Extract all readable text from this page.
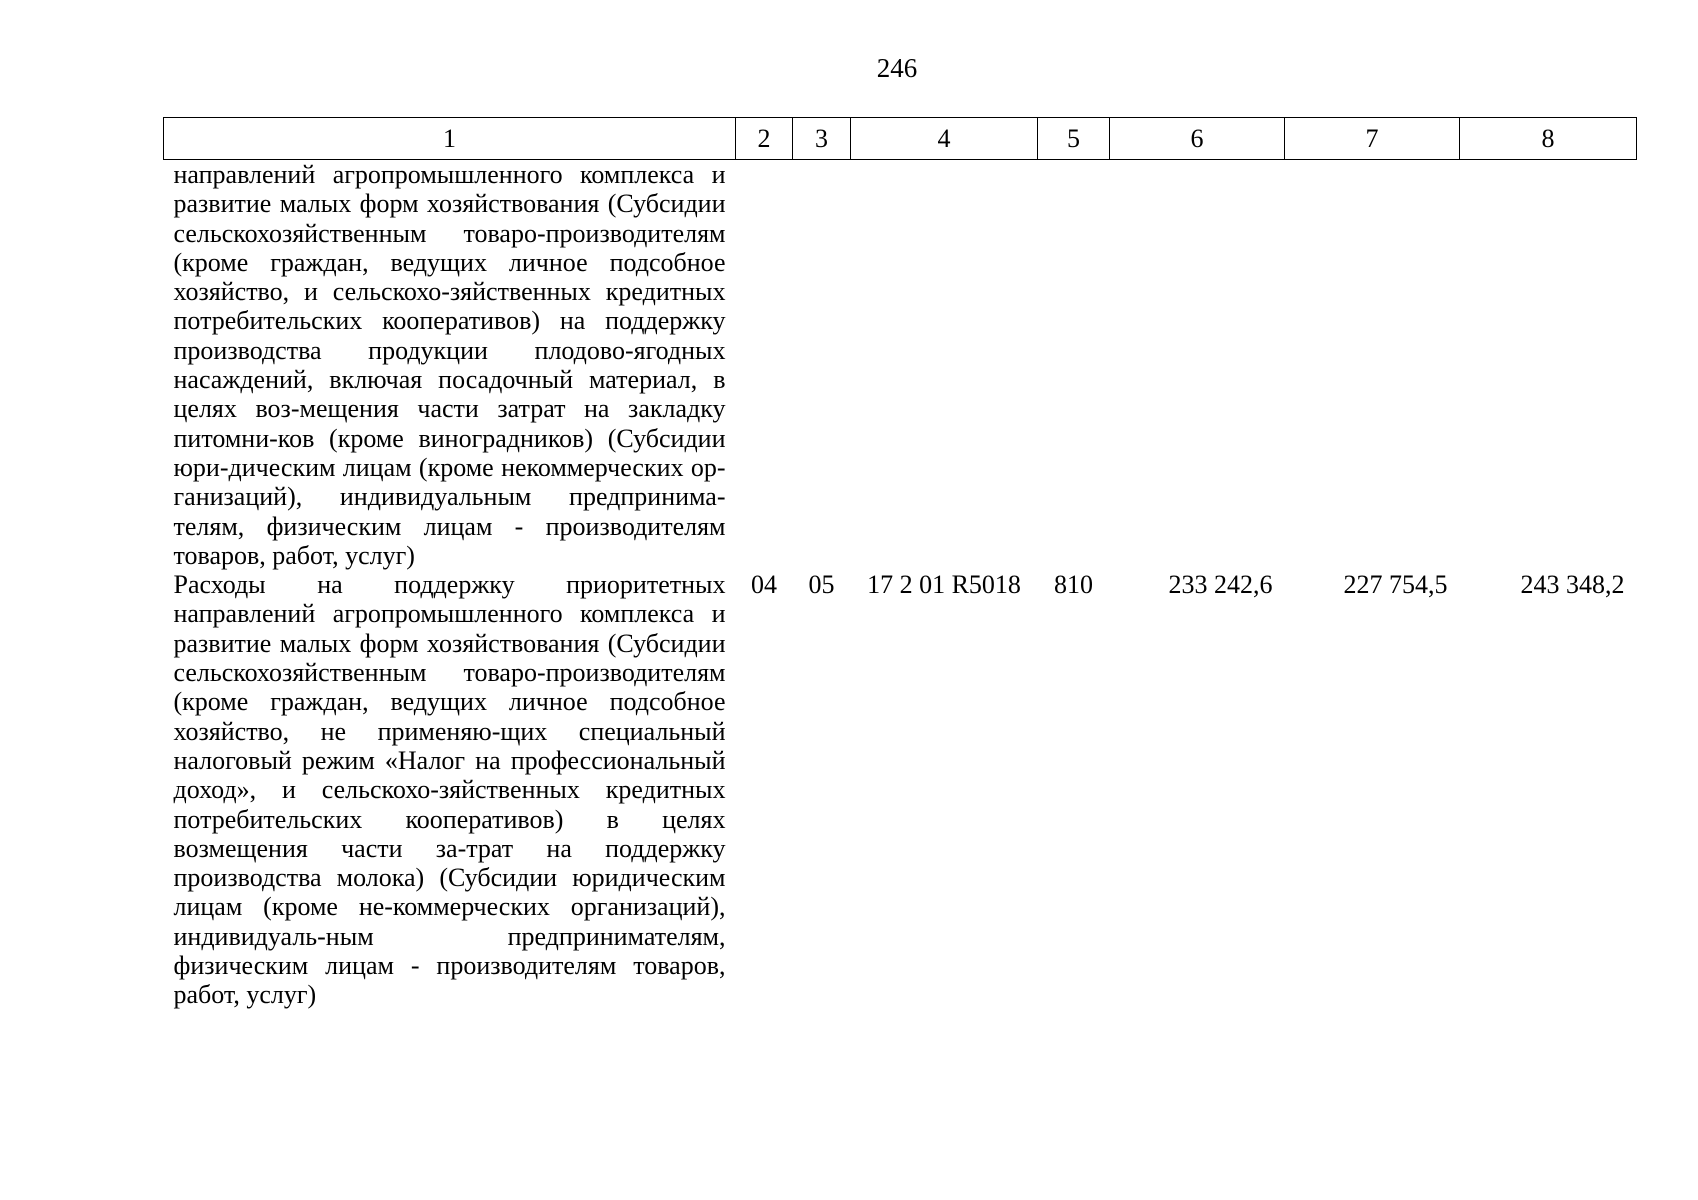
246
1	2	3	4	5	6	7	8
направлений агропромышленного комплекса и развитие малых форм хозяйствования (Субсидии сельскохозяйственным товаро-производителям (кроме граждан, ведущих личное подсобное хозяйство, и сельскохо-зяйственных кредитных потребительских кооперативов) на поддержку производства продукции плодово-ягодных насаждений, включая посадочный материал, в целях воз-мещения части затрат на закладку питомни-ков (кроме виноградников) (Субсидии юри-дическим лицам (кроме некоммерческих ор-ганизаций), индивидуальным предпринима-телям, физическим лицам - производителям товаров, работ, услуг)							
Расходы на поддержку приоритетных направлений агропромышленного комплекса и развитие малых форм хозяйствования (Субсидии сельскохозяйственным товаро-производителям (кроме граждан, ведущих личное подсобное хозяйство, не применяю-щих специальный налоговый режим «Налог на профессиональный доход», и сельскохо-зяйственных кредитных потребительских кооперативов) в целях возмещения части за-трат на поддержку производства молока) (Субсидии юридическим лицам (кроме не-коммерческих организаций), индивидуаль-ным предпринимателям, физическим лицам - производителям товаров, работ, услуг)	04	05	17 2 01 R5018	810	233 242,6	227 754,5	243 348,2
